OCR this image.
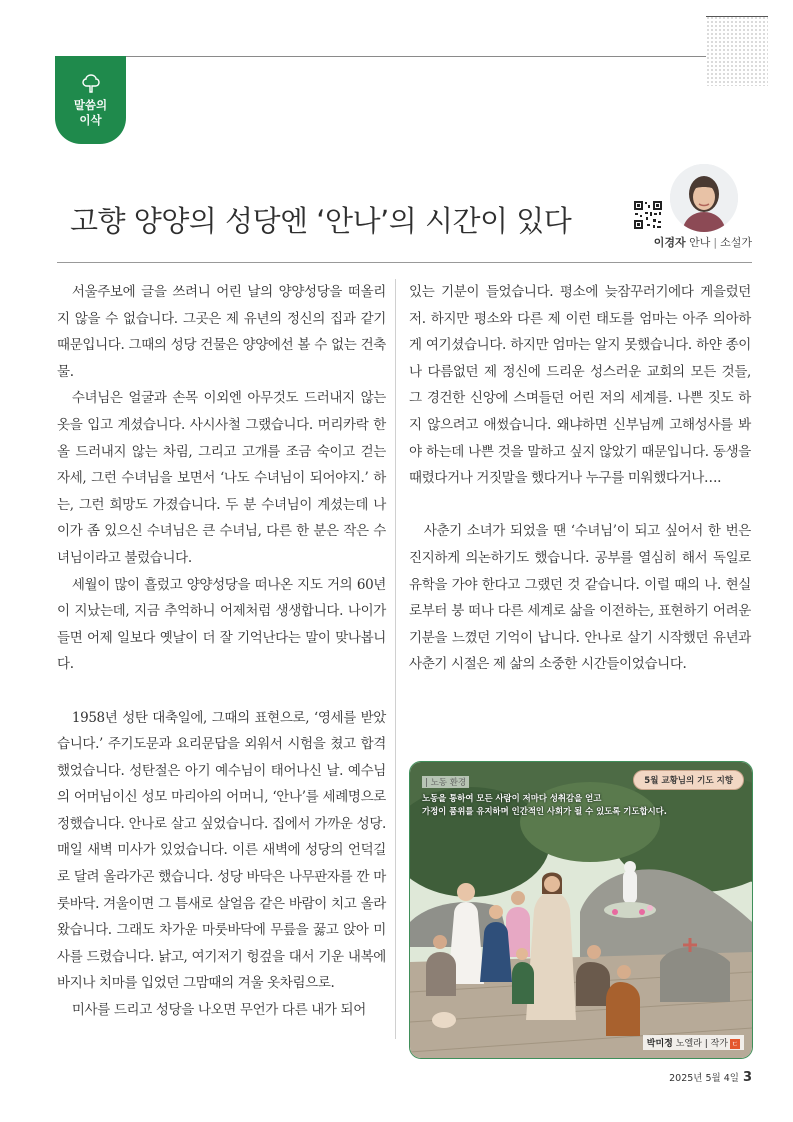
말씀의
이삭
고향 양양의 성당엔 ‘안나’의 시간이 있다
이경자 안나 | 소설가

서울주보에 글을 쓰려니 어린 날의 양양성당을 떠올리지 않을 수 없습니다. 그곳은 제 유년의 정신의 집과 같기 때문입니다. 그때의 성당 건물은 양양에선 볼 수 없는 건축물.

수녀님은 얼굴과 손목 이외엔 아무것도 드러내지 않는 옷을 입고 계셨습니다. 사시사철 그랬습니다. 머리카락 한 올 드러내지 않는 차림, 그리고 고개를 조금 숙이고 걷는 자세, 그런 수녀님을 보면서 ‘나도 수녀님이 되어야지.’ 하는, 그런 희망도 가졌습니다. 두 분 수녀님이 계셨는데 나이가 좀 있으신 수녀님은 큰 수녀님, 다른 한 분은 작은 수녀님이라고 불렀습니다.

세월이 많이 흘렀고 양양성당을 떠나온 지도 거의 60년이 지났는데, 지금 추억하니 어제처럼 생생합니다. 나이가 들면 어제 일보다 옛날이 더 잘 기억난다는 말이 맞나봅니다.

1958년 성탄 대축일에, 그때의 표현으로, ‘영세를 받았습니다.’ 주기도문과 요리문답을 외워서 시험을 쳤고 합격했었습니다. 성탄절은 아기 예수님이 태어나신 날. 예수님의 어머님이신 성모 마리아의 어머니, ‘안나’를 세례명으로 정했습니다. 안나로 살고 싶었습니다. 집에서 가까운 성당. 매일 새벽 미사가 있었습니다. 이른 새벽에 성당의 언덕길로 달려 올라가곤 했습니다. 성당 바닥은 나무판자를 깐 마룻바닥. 겨울이면 그 틈새로 살얼음 같은 바람이 치고 올라왔습니다. 그래도 차가운 마룻바닥에 무릎을 꿇고 앉아 미사를 드렸습니다. 낡고, 여기저기 헝겊을 대서 기운 내복에 바지나 치마를 입었던 그맘때의 겨울 옷차림으로.

미사를 드리고 성당을 나오면 무언가 다른 내가 되어

있는 기분이 들었습니다. 평소에 늦잠꾸러기에다 게을렀던 저. 하지만 평소와 다른 제 이런 태도를 엄마는 아주 의아하게 여기셨습니다. 하지만 엄마는 알지 못했습니다. 하얀 종이나 다름없던 제 정신에 드리운 성스러운 교회의 모든 것들, 그 경건한 신앙에 스며들던 어린 저의 세계를. 나쁜 짓도 하지 않으려고 애썼습니다. 왜냐하면 신부님께 고해성사를 봐야 하는데 나쁜 것을 말하고 싶지 않았기 때문입니다. 동생을 때렸다거나 거짓말을 했다거나 누구를 미워했다거나….

사춘기 소녀가 되었을 땐 ‘수녀님’이 되고 싶어서 한 번은 진지하게 의논하기도 했습니다. 공부를 열심히 해서 독일로 유학을 가야 한다고 그랬던 것 같습니다. 이럴 때의 나. 현실로부터 붕 떠나 다른 세계로 삶을 이전하는, 표현하기 어려운 기분을 느꼈던 기억이 납니다. 안나로 살기 시작했던 유년과 사춘기 시절은 제 삶의 소중한 시간들이었습니다.

| 노동 환경	5월 교황님의 기도 지향
노동을 통하여 모든 사람이 저마다 성취감을 얻고
가정이 품위를 유지하며 인간적인 사회가 될 수 있도록 기도합시다.
박미정 노엘라 | 작가 ㄷ
2025년 5월 4일 3
